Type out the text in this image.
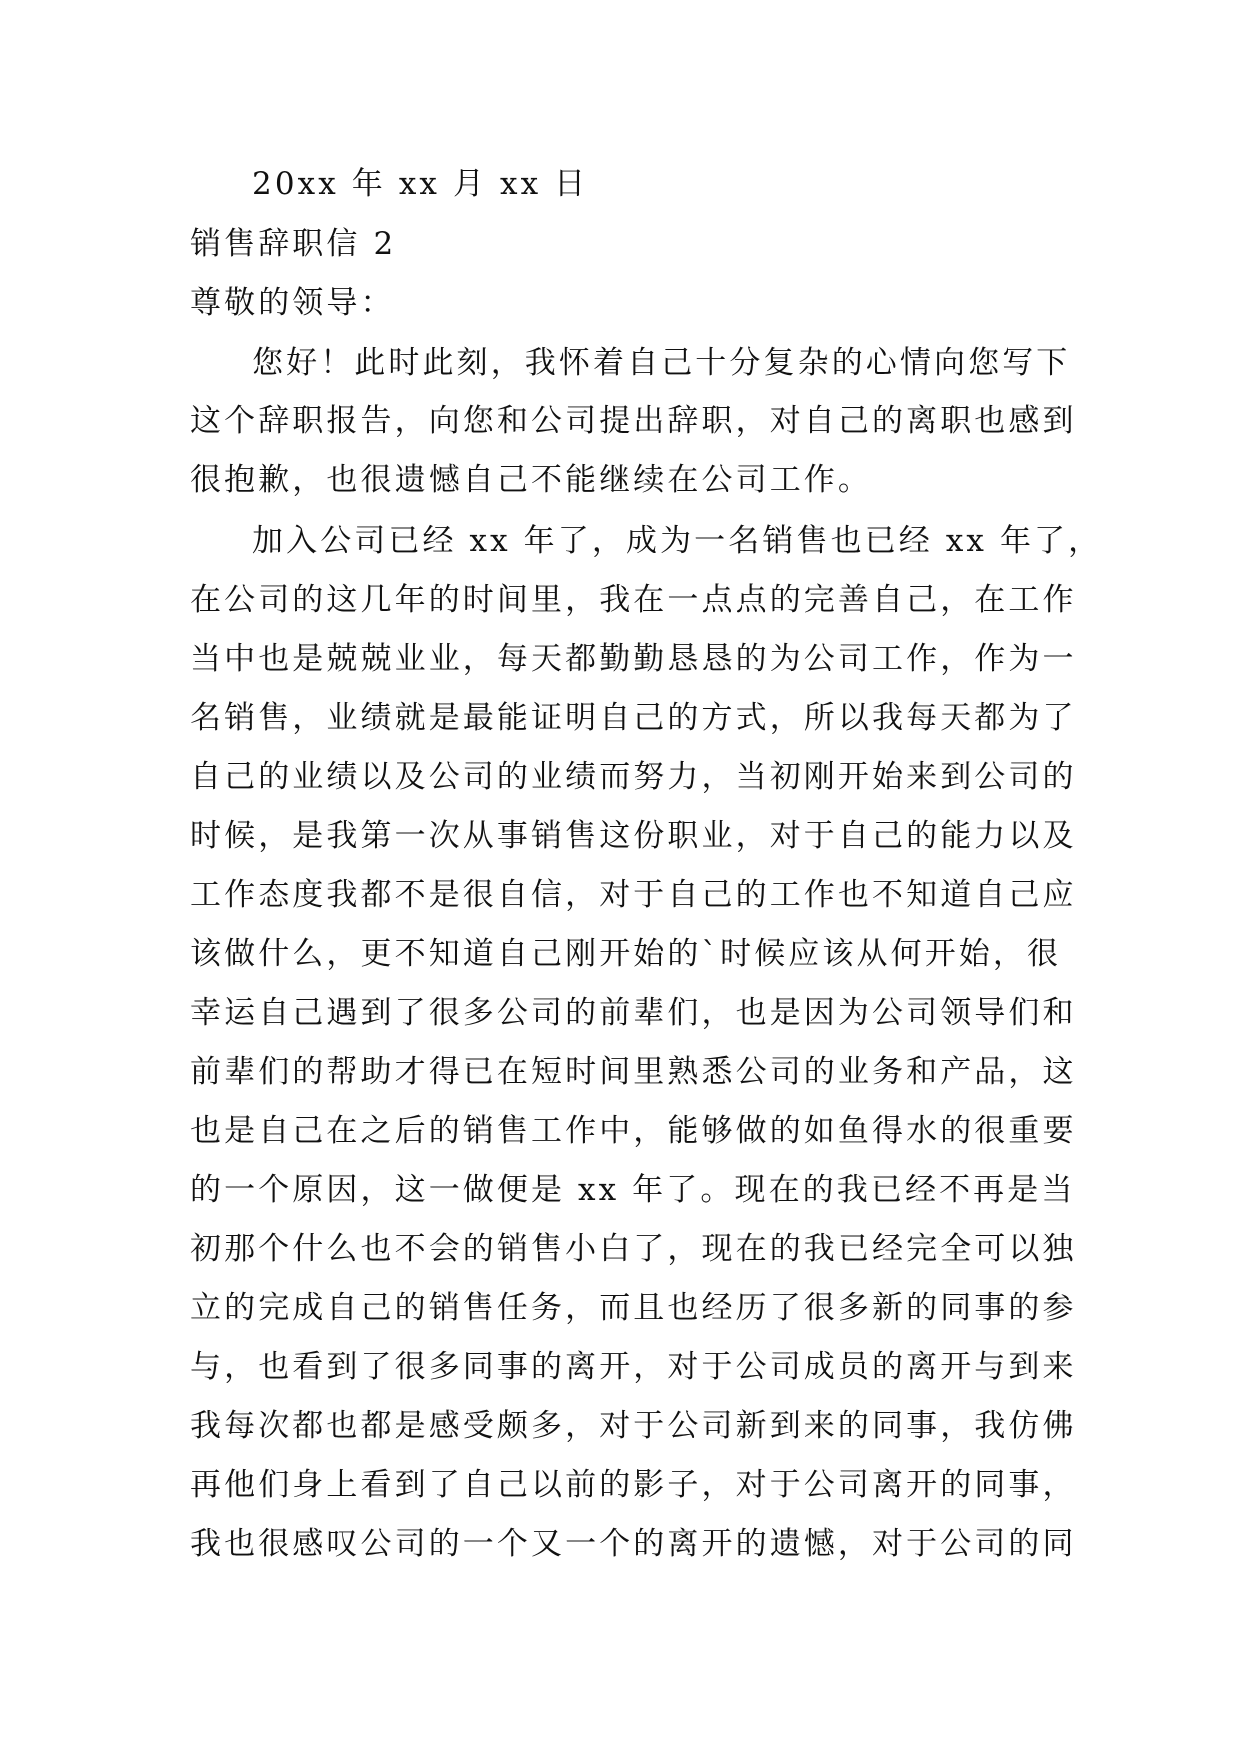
20xx 年 xx 月 xx 日
销售辞职信 2
尊敬的领导：
您好！此时此刻，我怀着自己十分复杂的心情向您写下
这个辞职报告，向您和公司提出辞职，对自己的离职也感到
很抱歉，也很遗憾自己不能继续在公司工作。
加入公司已经 xx 年了，成为一名销售也已经 xx 年了，
在公司的这几年的时间里，我在一点点的完善自己，在工作
当中也是兢兢业业，每天都勤勤恳恳的为公司工作，作为一
名销售，业绩就是最能证明自己的方式，所以我每天都为了
自己的业绩以及公司的业绩而努力，当初刚开始来到公司的
时候，是我第一次从事销售这份职业，对于自己的能力以及
工作态度我都不是很自信，对于自己的工作也不知道自己应
该做什么，更不知道自己刚开始的`时候应该从何开始，很
幸运自己遇到了很多公司的前辈们，也是因为公司领导们和
前辈们的帮助才得已在短时间里熟悉公司的业务和产品，这
也是自己在之后的销售工作中，能够做的如鱼得水的很重要
的一个原因，这一做便是 xx 年了。现在的我已经不再是当
初那个什么也不会的销售小白了，现在的我已经完全可以独
立的完成自己的销售任务，而且也经历了很多新的同事的参
与，也看到了很多同事的离开，对于公司成员的离开与到来
我每次都也都是感受颇多，对于公司新到来的同事，我仿佛
再他们身上看到了自己以前的影子，对于公司离开的同事，
我也很感叹公司的一个又一个的离开的遗憾，对于公司的同
